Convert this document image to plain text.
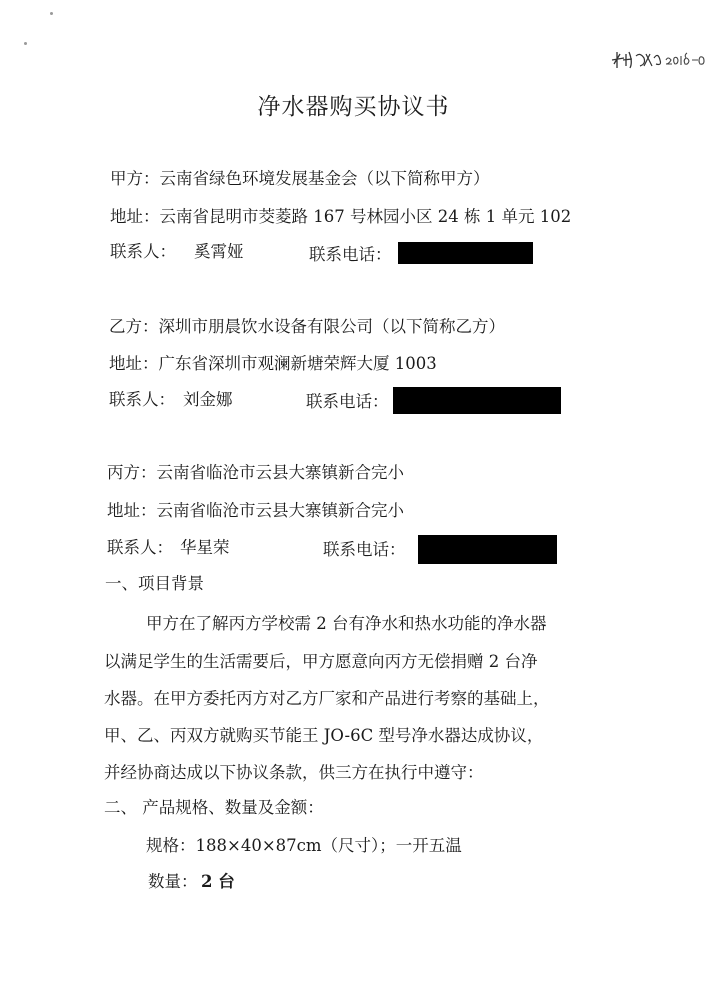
净水器购买协议书
甲方：云南省绿色环境发展基金会（以下简称甲方）
地址：云南省昆明市茭菱路 167 号林园小区 24 栋 1 单元 102
联系人： 奚霄娅	联系电话：
乙方：深圳市朋晨饮水设备有限公司（以下简称乙方）
地址：广东省深圳市观澜新塘荣辉大厦 1003
联系人： 刘金娜	联系电话：
丙方：云南省临沧市云县大寨镇新合完小
地址：云南省临沧市云县大寨镇新合完小
联系人： 华星荣	联系电话：
一、项目背景
甲方在了解丙方学校需 2 台有净水和热水功能的净水器
以满足学生的生活需要后，甲方愿意向丙方无偿捐赠 2 台净
水器。在甲方委托丙方对乙方厂家和产品进行考察的基础上，
甲、乙、丙双方就购买节能王 JO-6C 型号净水器达成协议，
并经协商达成以下协议条款，供三方在执行中遵守：
二、 产品规格、数量及金额：
规格：188×40×87cm（尺寸）；一开五温
数量： 2 台
